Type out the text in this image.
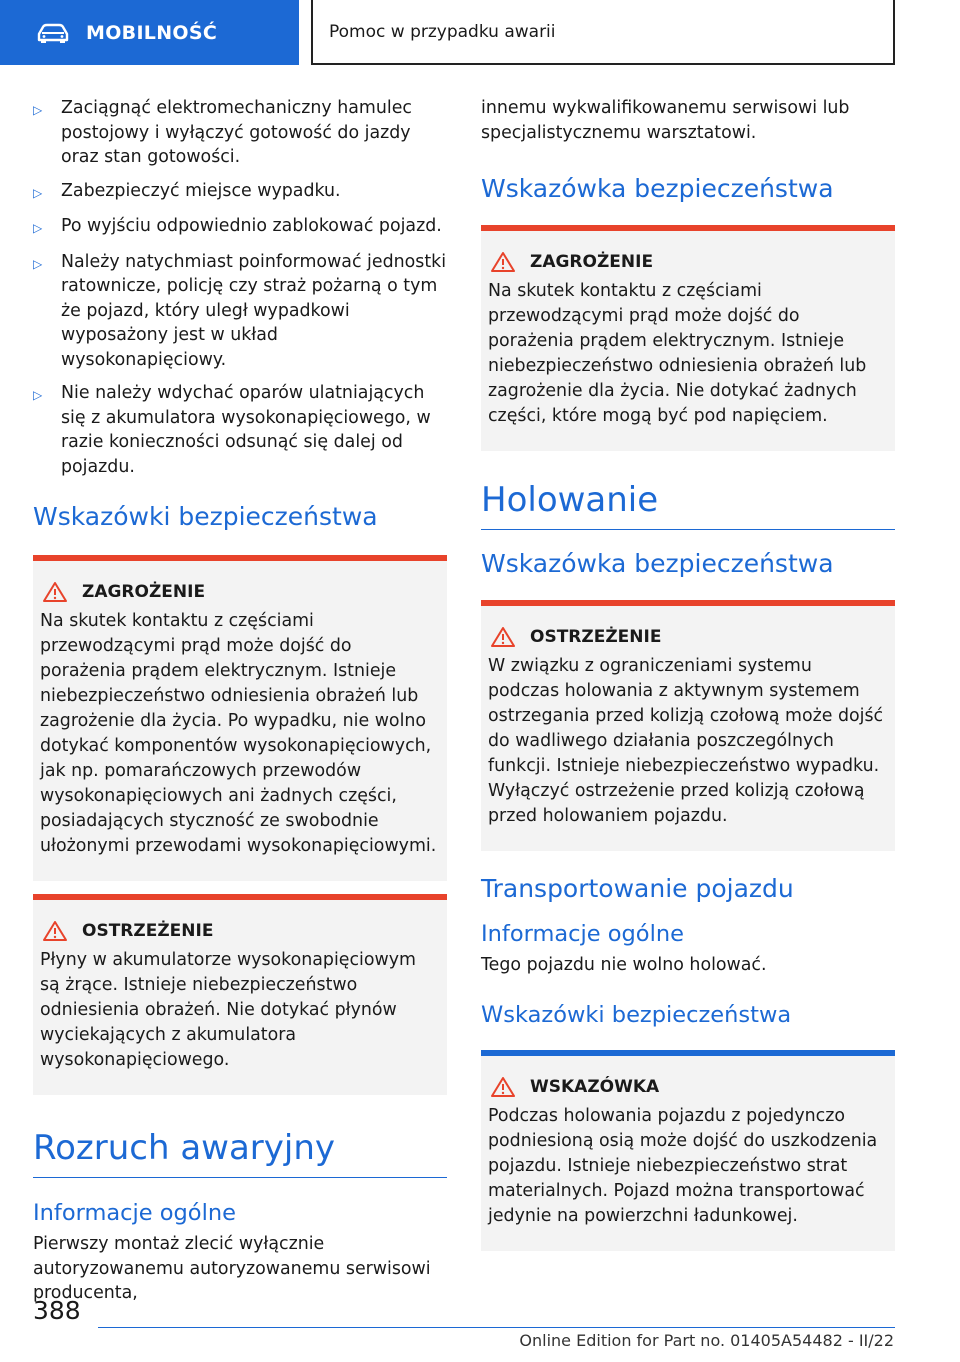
MOBILNOŚĆ	Pomoc w przypadku awarii
▷	Zaciągnąć elektromechaniczny hamulec postojowy i wyłączyć gotowość do jazdy oraz stan gotowości.
▷	Zabezpieczyć miejsce wypadku.
▷	Po wyjściu odpowiednio zablokować pojazd.
▷	Należy natychmiast poinformować jednostki ratownicze, policję czy straż pożarną o tym że pojazd, który uległ wypadkowi wyposażony jest w układ wysokonapięciowy.
▷	Nie należy wdychać oparów ulatniających się z akumulatora wysokonapięciowego, w razie konieczności odsunąć się dalej od pojazdu.
Wskazówki bezpieczeństwa
ZAGROŻENIE
Na skutek kontaktu z częściami przewodzącymi prąd może dojść do porażenia prądem elektrycznym. Istnieje niebezpieczeństwo odniesienia obrażeń lub zagrożenie dla życia. Po wypadku, nie wolno dotykać komponentów wysokonapięciowych, jak np. pomarańczowych przewodów wysokonapięciowych ani żadnych części, posiadających styczność ze swobodnie ułożonymi przewodami wysokonapięciowymi.
OSTRZEŻENIE
Płyny w akumulatorze wysokonapięciowym są żrące. Istnieje niebezpieczeństwo odniesienia obrażeń. Nie dotykać płynów wyciekających z akumulatora wysokonapięciowego.
Rozruch awaryjny
Informacje ogólne
Pierwszy montaż zlecić wyłącznie autoryzowanemu autoryzowanemu serwisowi producenta,
innemu wykwalifikowanemu serwisowi lub specjalistycznemu warsztatowi.
Wskazówka bezpieczeństwa
ZAGROŻENIE
Na skutek kontaktu z częściami przewodzącymi prąd może dojść do porażenia prądem elektrycznym. Istnieje niebezpieczeństwo odniesienia obrażeń lub zagrożenie dla życia. Nie dotykać żadnych części, które mogą być pod napięciem.
Holowanie
Wskazówka bezpieczeństwa
OSTRZEŻENIE
W związku z ograniczeniami systemu podczas holowania z aktywnym systemem ostrzegania przed kolizją czołową może dojść do wadliwego działania poszczególnych funkcji. Istnieje niebezpieczeństwo wypadku. Wyłączyć ostrzeżenie przed kolizją czołową przed holowaniem pojazdu.
Transportowanie pojazdu
Informacje ogólne
Tego pojazdu nie wolno holować.
Wskazówki bezpieczeństwa
WSKAZÓWKA
Podczas holowania pojazdu z pojedynczo podniesioną osią może dojść do uszkodzenia pojazdu. Istnieje niebezpieczeństwo strat materialnych. Pojazd można transportować jedynie na powierzchni ładunkowej.
388
Online Edition for Part no. 01405A54482 - II/22
